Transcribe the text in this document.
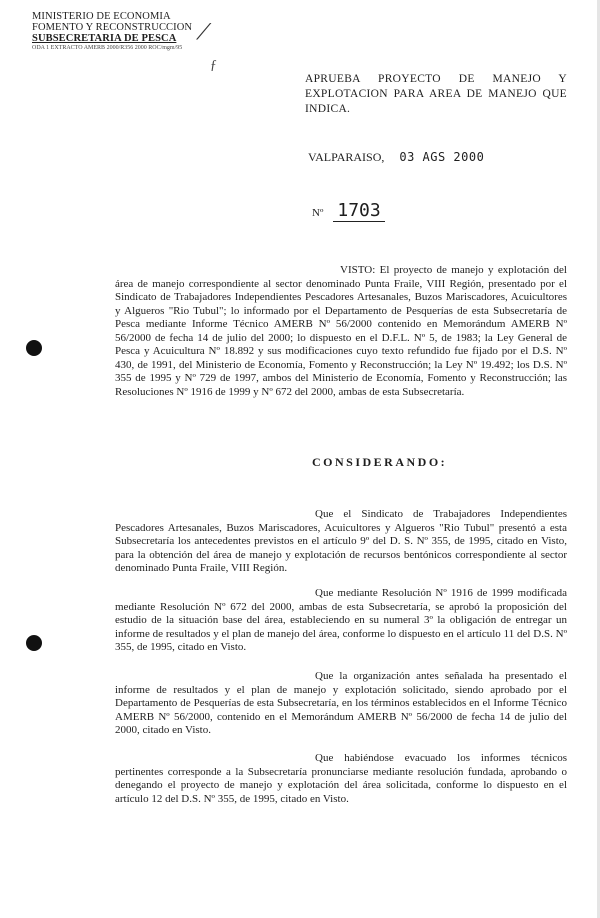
MINISTERIO DE ECONOMIA
FOMENTO Y RECONSTRUCCION
SUBSECRETARIA DE PESCA
ODA 1 EXTRACTO AMERB 2000/R356 2000 ROC/mgm/95
⟋
ƒ
APRUEBA PROYECTO DE MANEJO Y EXPLOTACION PARA AREA DE MANEJO QUE INDICA.
VALPARAISO, 03 AGS 2000
Nº 1703
VISTO: El proyecto de manejo y explotación del área de manejo correspondiente al sector denominado Punta Fraile, VIII Región, presentado por el Sindicato de Trabajadores Independientes Pescadores Artesanales, Buzos Mariscadores, Acuicultores y Algueros "Rio Tubul"; lo informado por el Departamento de Pesquerías de esta Subsecretaría de Pesca mediante Informe Técnico AMERB Nº 56/2000 contenido en Memorándum AMERB Nº 56/2000 de fecha 14 de julio del 2000; lo dispuesto en el D.F.L. Nº 5, de 1983; la Ley General de Pesca y Acuicultura Nº 18.892 y sus modificaciones cuyo texto refundido fue fijado por el D.S. Nº 430, de 1991, del Ministerio de Economía, Fomento y Reconstrucción; la Ley Nº 19.492; los D.S. Nº 355 de 1995 y Nº 729 de 1997, ambos del Ministerio de Economía, Fomento y Reconstrucción; las Resoluciones Nº 1916 de 1999 y Nº 672 del 2000, ambas de esta Subsecretaría.
CONSIDERANDO:
Que el Sindicato de Trabajadores Independientes Pescadores Artesanales, Buzos Mariscadores, Acuicultores y Algueros "Rio Tubul" presentó a esta Subsecretaría los antecedentes previstos en el artículo 9º del D. S. Nº 355, de 1995, citado en Visto, para la obtención del área de manejo y explotación de recursos bentónicos correspondiente al sector denominado Punta Fraile, VIII Región.
Que mediante Resolución Nº 1916 de 1999 modificada mediante Resolución Nº 672 del 2000, ambas de esta Subsecretaría, se aprobó la proposición del estudio de la situación base del área, estableciendo en su numeral 3º la obligación de entregar un informe de resultados y el plan de manejo del área, conforme lo dispuesto en el artículo 11 del D.S. Nº 355, de 1995, citado en Visto.
Que la organización antes señalada ha presentado el informe de resultados y el plan de manejo y explotación solicitado, siendo aprobado por el Departamento de Pesquerías de esta Subsecretaría, en los términos establecidos en el Informe Técnico AMERB Nº 56/2000, contenido en el Memorándum AMERB Nº 56/2000 de fecha 14 de julio del 2000, citado en Visto.
Que habiéndose evacuado los informes técnicos pertinentes corresponde a la Subsecretaría pronunciarse mediante resolución fundada, aprobando o denegando el proyecto de manejo y explotación del área solicitada, conforme lo dispuesto en el artículo 12 del D.S. Nº 355, de 1995, citado en Visto.
